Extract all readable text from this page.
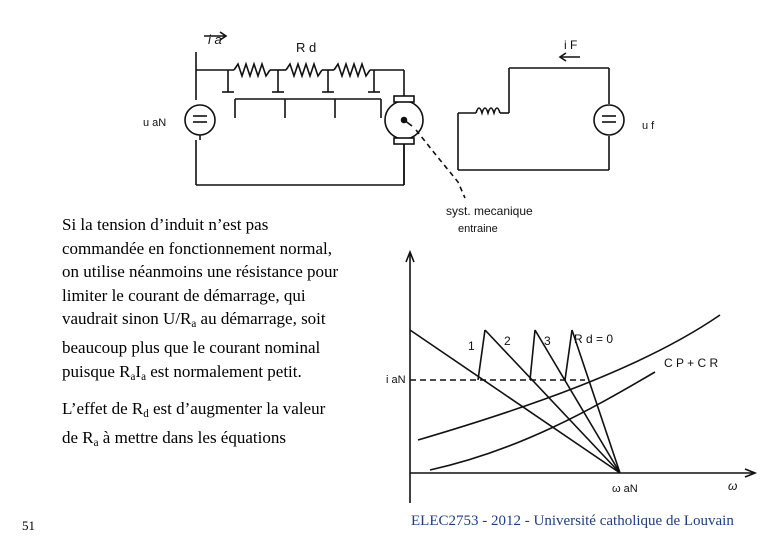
i a
R d
u aN
i F
u f
syst. mecanique
entraine
i aN
ω
ω aN
1 2	3 R d = 0
C P + C R

Si la tension d’induit n’est pas commandée en fonctionnement normal, on utilise néanmoins une résistance pour limiter le courant de démarrage, qui vaudrait sinon $U/R_a$ au démarrage, soit beaucoup plus que le courant nominal puisque $R_aI_a$ est normalement petit.

L’effet de $R_d$ est d’augmenter la valeur de $R_a$ à mettre dans les équations

51	ELEC2753 - 2012 - Université catholique de Louvain
